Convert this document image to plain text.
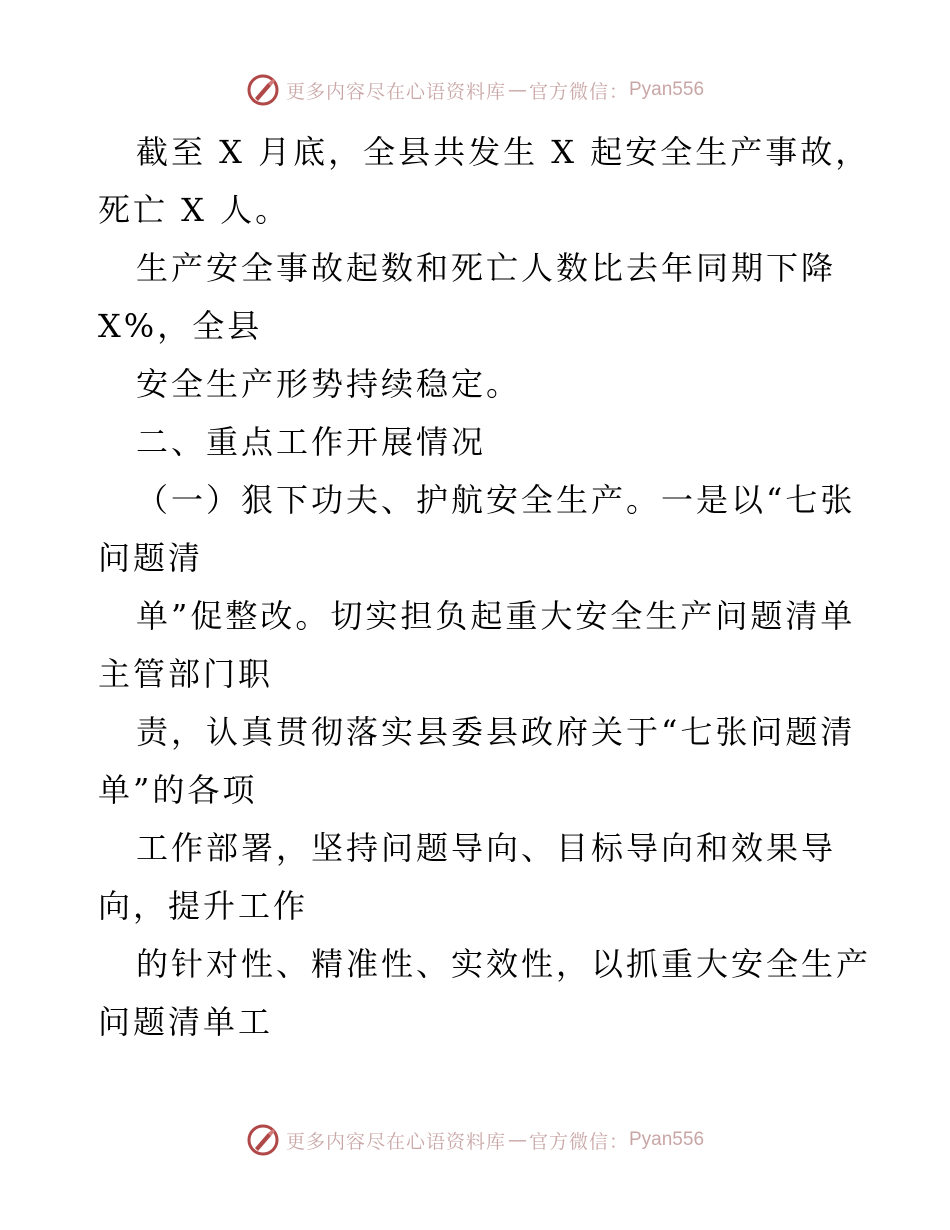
更多内容尽在心语资料库 — 官方微信： Pyan556
截至 X 月底，全县共发生 X 起安全生产事故，
死亡 X 人。
生产安全事故起数和死亡人数比去年同期下降
X%，全县
安全生产形势持续稳定。
二、重点工作开展情况
（一）狠下功夫、护航安全生产。一是以“七张
问题清
单”促整改。切实担负起重大安全生产问题清单
主管部门职
责，认真贯彻落实县委县政府关于“七张问题清
单”的各项
工作部署，坚持问题导向、目标导向和效果导
向，提升工作
的针对性、精准性、实效性，以抓重大安全生产
问题清单工
更多内容尽在心语资料库 — 官方微信： Pyan556
